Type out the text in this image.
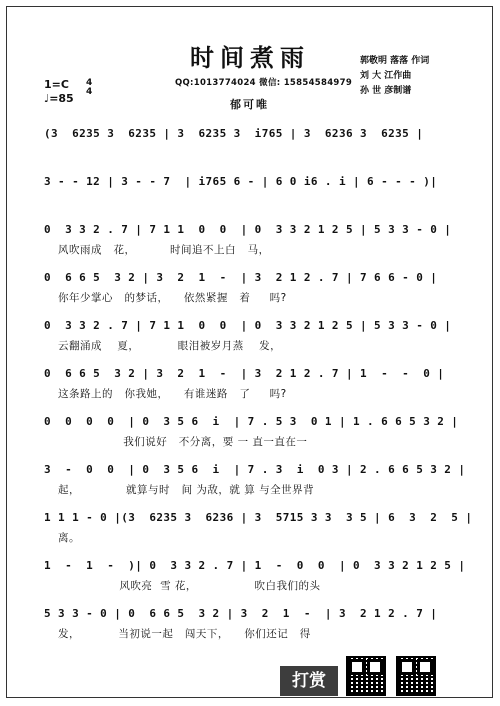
时间煮雨
QQ:1013774024 微信: 15854584979
郭敬明 落落 作词
刘 大 江作曲
孙 世 彦制谱
1=C
♩=85
4
4
郁可唯
(3  6235 3  6235 | 3  6235 3  i765 | 3  6236 3  6235 |
3 - - 12 | 3 - - 7  | i765 6 - | 6 0 i6 . i | 6 - - - )|
0  3 3 2 . 7 | 7 1 1  0  0  | 0  3 3 2 1 2 5 | 5 3 3 - 0 |
风吹雨成   花，         时间追不上白   马，
0  6 6 5  3 2 | 3  2  1  -  | 3  2 1 2 . 7 | 7 6 6 - 0 |
你年少掌心   的梦话，    依然紧握   着     吗?
0  3 3 2 . 7 | 7 1 1  0  0  | 0  3 3 2 1 2 5 | 5 3 3 - 0 |
云翻涌成    夏，          眼泪被岁月蒸    发，
0  6 6 5  3 2 | 3  2  1  -  | 3  2 1 2 . 7 | 1  -  -  0 |
这条路上的   你我她，    有谁迷路   了     吗?
0  0  0  0  | 0  3 5 6  i  | 7 . 5 3  0 1 | 1 . 6 6 5 3 2 |
我们说好   不分离，要 一 直一直在一
3  -  0  0  | 0  3 5 6  i  | 7 . 3  i  0 3 | 2 . 6 6 5 3 2 |
起，            就算与时   间 为敌，就 算 与全世界背
1 1 1 - 0 |(3  6235 3  6236 | 3  5715 3 3  3 5 | 6  3  2  5 |
离。
1  -  1  -  )| 0  3 3 2 . 7 | 1  -  0  0  | 0  3 3 2 1 2 5 |
风吹亮  雪 花，               吹白我们的头
5 3 3 - 0 | 0  6 6 5  3 2 | 3  2  1  -  | 3  2 1 2 . 7 |
发，          当初说一起   闯天下，    你们还记   得
打赏
